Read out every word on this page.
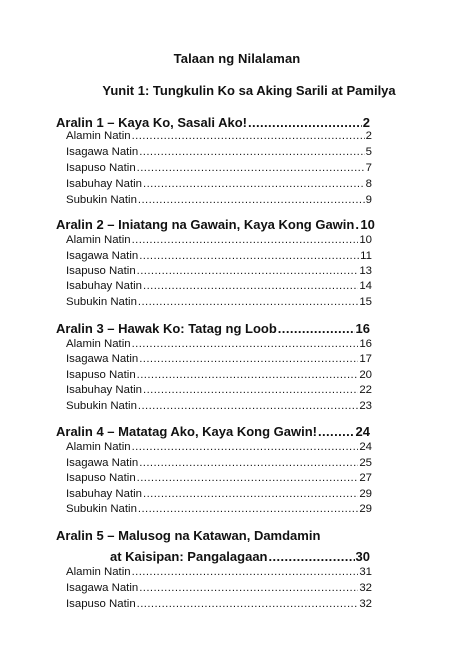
Talaan ng Nilalaman
Yunit 1: Tungkulin Ko sa Aking Sarili at Pamilya
Aralin 1 – Kaya Ko, Sasali Ako! .....	2
Alamin Natin .....	2
Isagawa Natin .....	5
Isapuso Natin .....	7
Isabuhay Natin .....	8
Subukin Natin .....	9
Aralin 2 – Iniatang na Gawain, Kaya Kong Gawin ..... 10
Alamin Natin .....	10
Isagawa Natin .....	11
Isapuso Natin .....	13
Isabuhay Natin .....	14
Subukin Natin .....	15
Aralin 3 – Hawak Ko: Tatag ng Loob .....	16
Alamin Natin .....	16
Isagawa Natin .....	17
Isapuso Natin .....	20
Isabuhay Natin .....	22
Subukin Natin .....	23
Aralin 4 – Matatag Ako, Kaya Kong Gawin! .....	24
Alamin Natin .....	24
Isagawa Natin .....	25
Isapuso Natin .....	27
Isabuhay Natin .....	29
Subukin Natin .....	29
Aralin 5 – Malusog na Katawan, Damdamin
at Kaisipan: Pangalagaan .....	30
Alamin Natin .....	31
Isagawa Natin .....	32
Isapuso Natin .....	32
